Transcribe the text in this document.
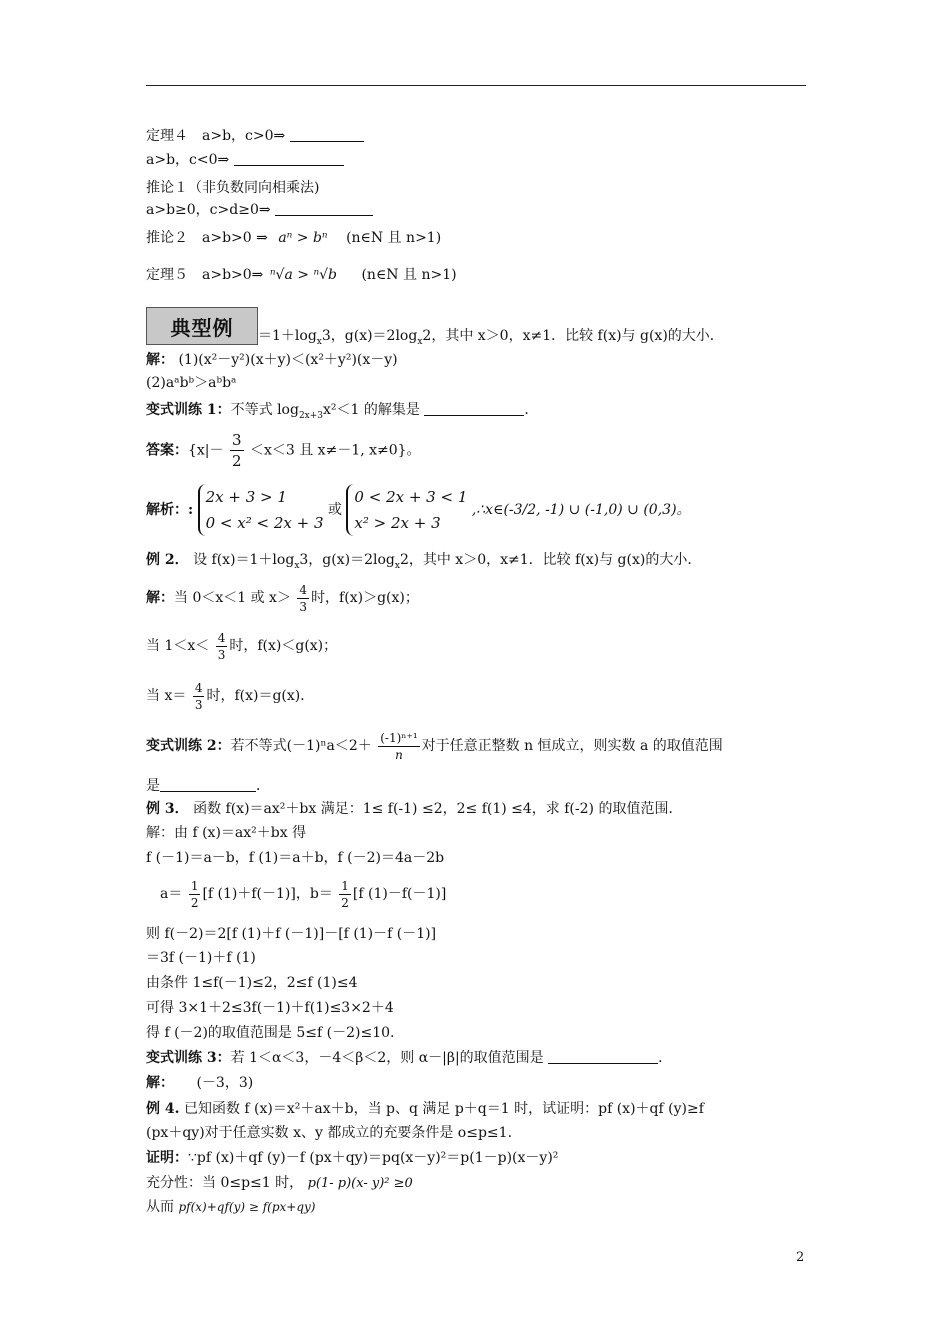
定理４　a>b，c>0⇒
a>b，c<0⇒
推论１（非负数同向相乘法)
a>b≥0，c>d≥0⇒
推论２　a>b>0 ⇒ aⁿ > bⁿ (n∈N 且 n>1)
定理５　a>b>0⇒ ⁿ√a > ⁿ√b (n∈N 且 n>1)
典型例	$=1+\log_x3$，$g(x)=2\log_x2$，其中 x＞0，x≠1．比较 f(x)与 g(x)的大小．
解： (1)(x²－y²)(x＋y)＜(x²＋y²)(x－y)
(2)aᵃbᵇ＞aᵇbᵃ
变式训练 1：不等式 $\log_{2x+3}x^2<1$ 的解集是	．
答案：{$x|- \frac{3}{2} <x<3$ 且 x≠－1, x≠0}。
解析：: 2x + 3 > 1
0 < x² < 2x + 3 或 0 < 2x + 3 < 1
x² > 2x + 3 ,∴x∈(-3/2, -1) ∪ (-1,0) ∪ (0,3)。
例 2． 设 $f(x)=1+\log_x3$，$g(x)=2\log_x2$，其中 x＞0，x≠1．比较 f(x)与 g(x)的大小．
解：当 0＜x＜1 或 $x> \frac{4}{3}$ 时，f(x)＞g(x)；
当 $1<x< \frac{4}{3}$ 时，f(x)＜g(x)；
当 $x= \frac{4}{3}$ 时，f(x)＝g(x)．
变式训练 2：若不等式$(-1)^na<2+ \frac{\text{(-1)ⁿ⁺¹}}{n}$ 对于任意正整数 n 恒成立，则实数 a 的取值范围
是	．
例 3． 函数 f(x)＝ax²＋bx 满足：1≤ f(-1) ≤2，2≤ f(1) ≤4，求 f(-2) 的取值范围．
解：由 f (x)＝ax²＋bx 得
f (－1)＝a－b，f (1)＝a＋b，f (－2)＝4a－2b
$a= \frac{1}{2} [f$ (1)＋f(－1)]，$b= \frac{1}{2} [f$ (1)－f(－1)]
则 f(－2)＝2[f (1)＋f (－1)]－[f (1)－f (－1)]
＝3f (－1)＋f (1)
由条件 1≤f(－1)≤2，2≤f (1)≤4
可得 3×1＋2≤3f(－1)＋f(1)≤3×2＋4
得 f (－2)的取值范围是 5≤f (－2)≤10.
变式训练 3：若 1＜α＜3，－4＜β＜2，则 α－|β|的取值范围是	．
解： (－3，3)
例 4. 已知函数 f (x)＝x²＋ax＋b，当 p、q 满足 p＋q＝1 时，试证明：pf (x)＋qf (y)≥f
(px＋qy)对于任意实数 x、y 都成立的充要条件是 o≤p≤1.
证明：∵pf (x)＋qf (y)－f (px＋qy)＝pq(x－y)²＝p(1－p)(x－y)²
充分性：当 0≤p≤1 时， p(1- p)(x- y)² ≥0
从而 pf(x)+qf(y) ≥ f(px+qy)
2
